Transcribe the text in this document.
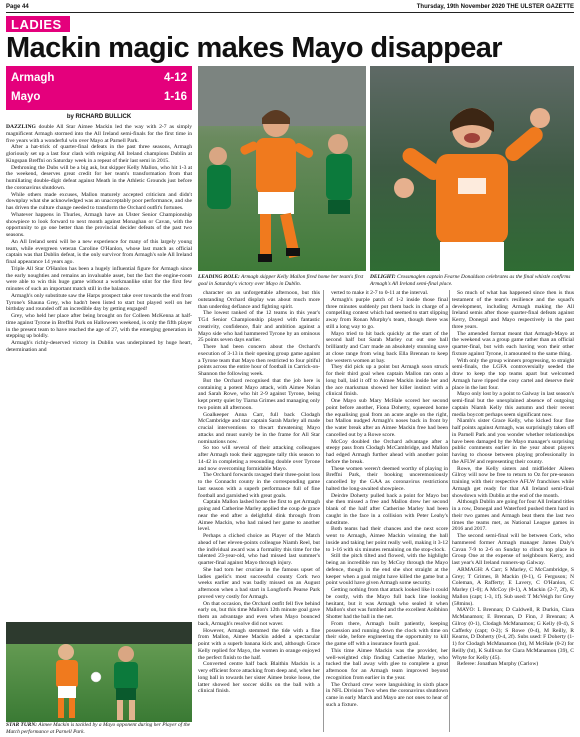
Page 44	Thursday, 19th November 2020 THE ULSTER GAZETTE
LADIES
Mackin magic makes Mayo disappear
Armagh	4-12
Mayo	1-16
by RICHARD BULLICK

DAZZLING double All Star Aimee Mackin led the way with 2-7 as simply magnificent Armagh stormed into the All Ireland semi-finals for the first time in five years with a wonderful win over Mayo at Parnell Park.

After a hat-trick of quarter-final defeats in the past three seasons, Armagh gloriously set up a last four clash with reigning All Ireland champions Dublin at Kingspan Breffni on Saturday week in a repeat of their last semi in 2015.

Dethroning the Dubs will be a big ask, but skipper Kelly Mallon, who hit 1-3 at the weekend, deserves great credit for her team's transformation from that humiliating double-digit defeat against Meath in the Athletic Grounds just before the coronavirus shutdown.

While others made excuses, Mallon maturely accepted criticism and didn't downplay what she acknowledged was an unacceptably poor performance, and she has driven the culture change needed to transform the Orchard outfit's fortunes.

Whatever happens in Thurles, Armagh have an Ulster Senior Championship showpiece to look forward to next month against Monaghan or Cavan, with the opportunity to go one better than the provincial decider defeats of the past two seasons.

An All Ireland semi will be a new experience for many of this largely young team, while evergreen veteran Caroline O'Hanlon, whose last match as official captain was that Dublin defeat, is the only survivor from Armagh's sole All Ireland final appearance 14 years ago.

Triple All Star O'Hanlon has been a hugely influential figure for Armagh since the early noughties and remains an invaluable asset, but the fact the engine-room were able to win this huge game without a workmanlike stint for the first few minutes of such an important match still in the balance.

Armagh's only substitute saw the Harps prospect take over towards the end from Tyrone's Shauna Grey, who hadn't been listed to start but played well on her birthday and rounded off an incredible day by getting engaged!

Grey, who held her place after being brought on for Colleen McKenna at half-time against Tyrone in Breffni Park on Halloween weekend, is only the fifth player in the present team to have reached the age of 27, with the emerging generation in stepping up boldly.

Armagh's richly-deserved victory in Dublin was underpinned by huge heart, determination and

STAR TURN: Aimee Mackin is tackled by a Mayo opponent during her Player of the Match performance at Parnell Park.
LEADING ROLE: Armagh skipper Kelly Mallon fired home her team's first goal in Saturday's victory over Mayo in Dublin.
DELIGHT: Crossmaglen captain Fearne Donaldson celebrates as the final whistle confirms Armagh's All Ireland semi-final place.

character on an unforgettable afternoon, but this outstanding Orchard display was about much more than underdog defiance and fighting spirit.

The lowest ranked of the 12 teams in this year's TG4 Senior Championship played with fantastic creativity, confidence, flair and ambition against a Mayo side who had hammered Tyrone by an ominous 25 points seven days earlier.

There had been concern about the Orchard's execution of 3-13 in their opening group game against a Tyrone team that Mayo then restricted to four pitiful points across the entire hour of football in Carrick-on-Shannon the following week.

But the Orchard recognised that the job here is containing a potent Mayo attack, with Aimee Nolan and Sarah Rowe, who hit 2-9 against Tyrone, being kept pretty quiet by Tiarna Grimes and managing only two points all afternoon.

Goalkeeper Anna Carr, full back Clodagh McCambridge and star captain Sarah Marley all made crucial interventions to thwart threatening Mayo attacks and must surely be in the frame for All Star nominations now.

So too will several of their attacking colleagues after Armagh took their aggregate tally this season to 14-42 in completing a resounding double over Tyrone and now overcoming formidable Mayo.

The Orchard forwards ravaged their three-point loss to the Connacht county in the corresponding game last season with a superb performance full of fine football and garnished with great goals.

Captain Mallon lashed home the first to get Armagh going and Catherine Marley applied the coup de grace near the end after a delightful dink through from Aimee Mackin, who had raised her game to another level.

Perhaps a cliched choice as Player of the Match ahead of her eleven-points colleague Niamh Reel, but the individual award was a formality this time for the talented 23-year-old, who had missed last summer's quarter-final against Mayo through injury.

She had torn her cruciate in the famous upset of ladies gaelic's most successful county Cork two weeks earlier and was badly missed on an August afternoon when a bad start in Longford's Pearse Park proved very costly for Armagh.

On that occasion, the Orchard outfit fell five behind early on, but this time Mallon's 12th minute goal gave them an advantage and even when Mayo bounced back, Armagh's resolve did not waver.

However, Armagh stemmed the tide with a fine from Mallon, Aimee Mackin added a spectacular point with a superb banana kick and, although Grace Kelly replied for Mayo, the women in orange enjoyed the perfect finish to the half.

Converted centre half back Blaithin Mackin is a very efficient force attacking from deep and, when her long ball in towards her sister Aimee broke loose, the latter showed her soccer skills on the ball with a clinical finish.

verted to make it 2-7 to 0-11 at the interval.

Armagh's purple patch of 1-2 inside those final three minutes suddenly put them back in charge of a compelling contest which had seemed to start slipping away from Ronan Murphy's team, though there was still a long way to go.

Mayo tried to hit back quickly at the start of the second half but Sarah Marley cut out one ball brilliantly and Carr made an absolutely stunning save at close range from wing back Ella Brennan to keep the western women at bay.

They did pick up a point but Armagh soon struck for their third goal when captain Mallon ran onto a long ball, laid it off to Aimee Mackin inside her and the ace marksman showed her killer instinct with a clinical finish.

One Mayo sub Mary McHale scored her second point before another, Fiona Doherty, squeezed home the equalising goal from an acute angle on the right, but Mallon nudged Armagh's noses back in front by the water break after an Aimee Mackin free had been cancelled out by a Rowe score.

McCoy doubled the Orchard advantage after a steepy pass from Clodagh McCambridge, and Mallon had edged Armagh further ahead with another point before the break.

These women weren't deemed worthy of playing in Breffni Park, their booking unceremoniously cancelled by the GAA as coronavirus restrictions halted the long-awaited showpiece.

Deirdre Doherty pulled back a point for Mayo but she then missed a free and Mallon drew her second blank of the half after Catherine Marley had been caught in the face in a collision with Peter Leahy's substitute.

Both teams had their chances and the next score went to Armagh, Aimee Mackin winning the ball inside and taking her point really well, making it 3-12 to 1-16 with six minutes remaining on the stop-clock.

Still the pitch tilted and flowed, with the highlight being an incredible run by McCoy through the Mayo defence, though in the end she shot straight at the keeper when a goal might have killed the game but a point would have given Armagh some security.

Getting nothing from that attack looked like it could be costly, with the Mayo full back line looking hesitant, but it was Armagh who sealed it when Mallon's shot was fumbled and the excellent Aoibhinn Shotter had the ball in the net.

From there, Armagh built patiently, keeping possession and running down the clock with time on their side, before engineering the opportunity to kill the game off with a insurance fourth goal.

This time Aimee Mackin was the provider, her well-weighted chip finding Catherine Marley, who tucked the ball away with glee to complete a great afternoon for an Armagh team improved beyond recognition from earlier in the year.

The Orchard crew were languishing in sixth place in NFL Division Two when the coronavirus shutdown came in early March and Mayo are not ones to hear of such a fixture.

So much of what has happened since then is thus testament of the team's resilience and the squad's development, including Armagh making the All Ireland semis after those quarter-final defeats against Kerry, Donegal and Mayo respectively in the past three years.

The amended format meant that Armagh-Mayo at the weekend was a group game rather than an official quarter-final, but with each having won their other fixture against Tyrone, it amounted to the same thing.

With only the group winners progressing, to straight semi-finals, the LGFA controversially seeded the draw to keep the top teams apart but welcomed Armagh have ripped the cosy cartel and deserve their place in the last four.

Mayo only lost by a point to Galway in last season's semi-final but the unexplained absence of outgoing captain Niamh Kelly this autumn and their recent media boycott perhaps seem significant now.

Niamh's sister Grace Kelly, who kicked four fine half points against Armagh, was surprisingly taken off in Parnell Park and you wonder whether relationships have been damaged by the Mayo manager's surprising public comments earlier in the year about players having to choose between playing professionally in the AFLW and representing their county.

Rowe, the Kelly sisters and midfielder Aileen Gilroy will now be free to return to Oz for pre-season training with their respective AFLW franchises while Armagh get ready for that All Ireland semi-final showdown with Dublin at the end of the month.

Although Dublin are going for four All Ireland titles in a row, Donegal and Waterford pushed them hard in their two games and Armagh beat them the last two times the teams met, as National League games in 2016 and 2017.

The second semi-final will be between Cork, who hammered former Armagh manager James Daly's Cavan 7-9 to 2-6 on Sunday to clinch top place in Group One at the expense of neighbours Kerry, and last year's All Ireland runners-up Galway.

ARMAGH: A Carr; S Marley, C McCambridge, S Grey; T Grimes, B Mackin (0-1), G Ferguson; N Coleman, A Rafferty; E Lavery, C O'Hanlon, C Marley (1-0); A McCoy (0-1), A Mackin (2-7, 2f), K Mallon (capt; 1-3, 1f). Sub used: T McVeigh for Grey (58mins).

MAYO: L Brennan; D Caldwell, R Durkin, Ciara McManamon; E Brennan, D Finn, J Brennan; A Gilroy (0-1), Clodagh McManamon; G Kelly (0-4), S Cafferky (capt; 0-2); S Rowe (0-4), M Reilly, R Kearns, D Doherty (0-4, 2f). Subs used: F Doherty (1-1) for Clodagh McManamon (ht), M McHale (0-2) for Reilly (ht), K Sullivan for Ciara McManamon (39), C Whyte for Kelly (45).

Referee: Jonathan Murphy (Carlow)
